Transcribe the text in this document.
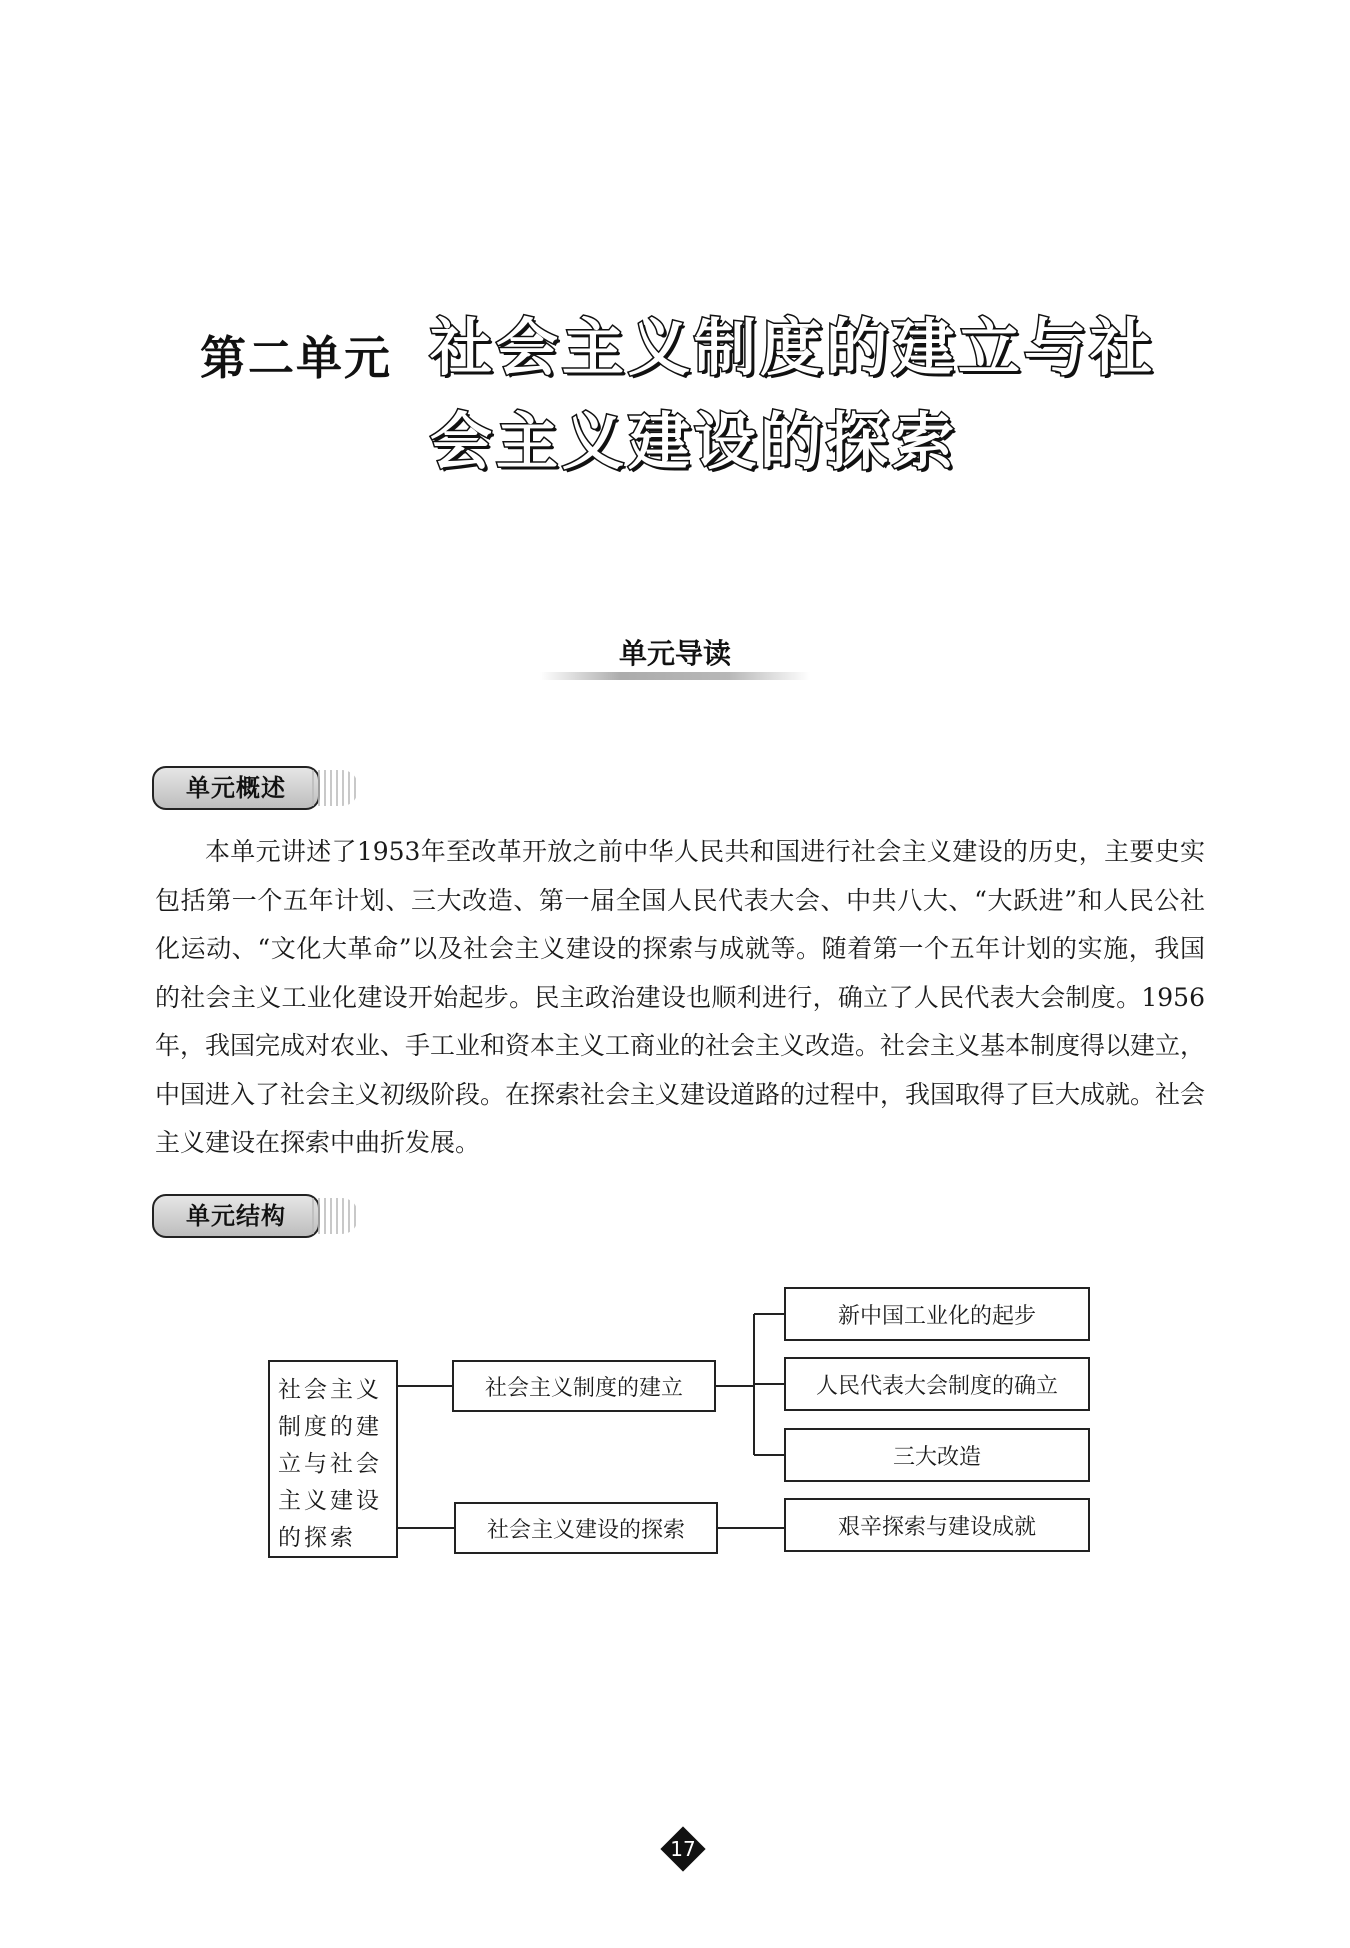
第二单元 社会主义制度的建立与社
会主义建设的探索
单元导读
单元概述
本单元讲述了1953年至改革开放之前中华人民共和国进行社会主义建设的历史，主要史实包括第一个五年计划、三大改造、第一届全国人民代表大会、中共八大、“大跃进”和人民公社化运动、“文化大革命”以及社会主义建设的探索与成就等。随着第一个五年计划的实施，我国的社会主义工业化建设开始起步。民主政治建设也顺利进行，确立了人民代表大会制度。1956年，我国完成对农业、手工业和资本主义工商业的社会主义改造。社会主义基本制度得以建立，中国进入了社会主义初级阶段。在探索社会主义建设道路的过程中，我国取得了巨大成就。社会主义建设在探索中曲折发展。
单元结构
社会主义制度的建立与社会主义建设的探索
社会主义制度的建立
社会主义建设的探索
新中国工业化的起步
人民代表大会制度的确立
三大改造
艰辛探索与建设成就
17
